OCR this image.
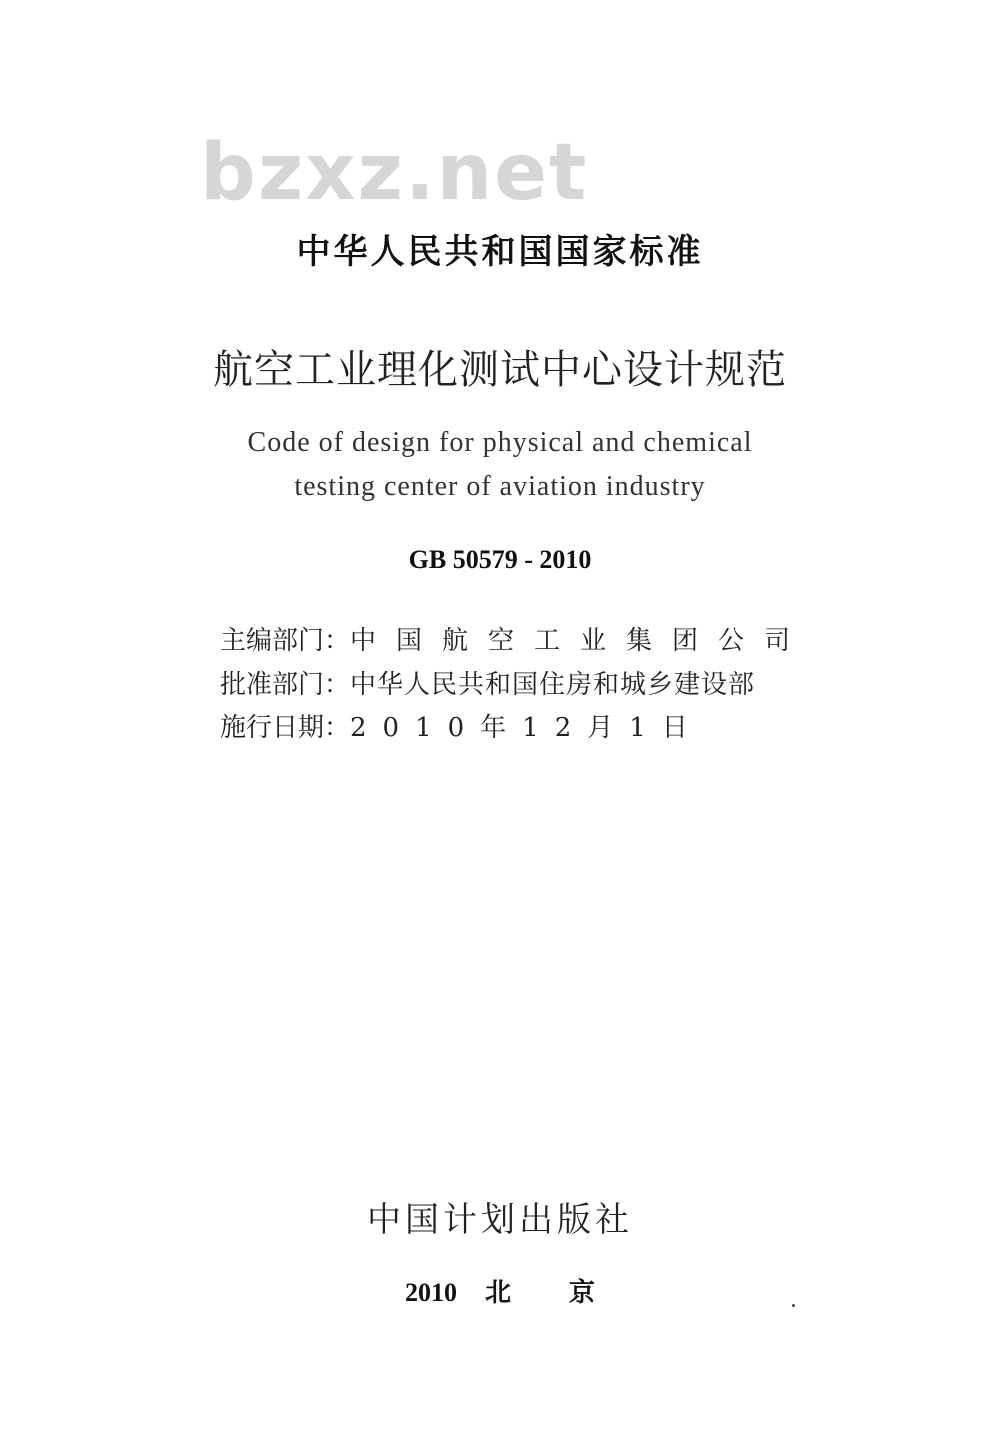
bzxz.net
中华人民共和国国家标准
航空工业理化测试中心设计规范
Code of design for physical and chemical
testing center of aviation industry
GB 50579 - 2010
主编部门：中国航空工业集团公司
批准部门：中华人民共和国住房和城乡建设部
施行日期：2010年12月1日
中国计划出版社
2010 北京
